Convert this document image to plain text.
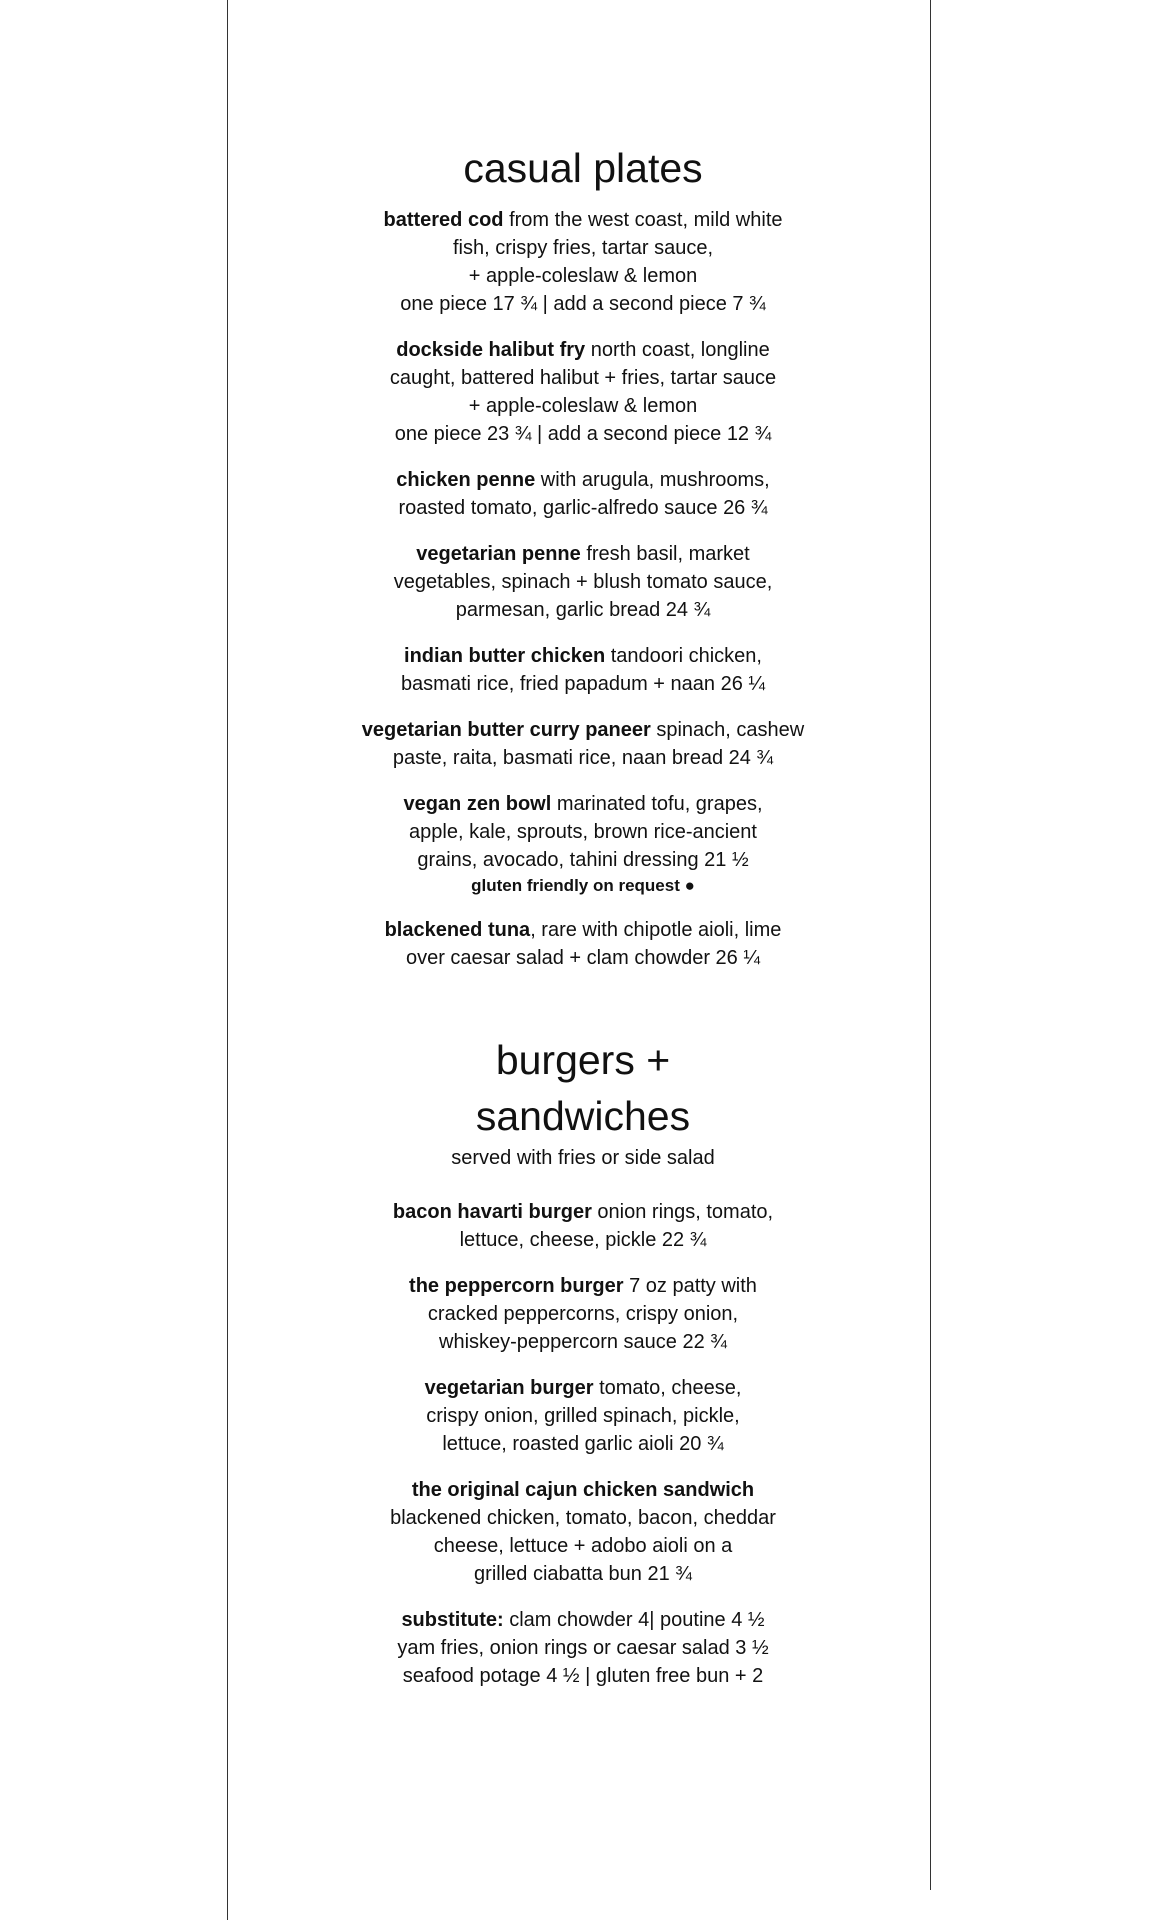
casual plates
battered cod from the west coast, mild white
fish, crispy fries, tartar sauce,
+ apple-coleslaw & lemon
one piece 17 ¾ | add a second piece 7 ¾
dockside halibut fry north coast, longline
caught, battered halibut + fries, tartar sauce
+ apple-coleslaw & lemon
one piece 23 ¾ | add a second piece 12 ¾
chicken penne with arugula, mushrooms,
roasted tomato, garlic-alfredo sauce 26 ¾
vegetarian penne fresh basil, market
vegetables, spinach + blush tomato sauce,
parmesan, garlic bread 24 ¾
indian butter chicken tandoori chicken,
basmati rice, fried papadum + naan 26 ¼
vegetarian butter curry paneer spinach, cashew
paste, raita, basmati rice, naan bread 24 ¾
vegan zen bowl marinated tofu, grapes,
apple, kale, sprouts, brown rice-ancient
grains, avocado, tahini dressing 21 ½
gluten friendly on request ●
blackened tuna, rare with chipotle aioli, lime
over caesar salad + clam chowder 26 ¼
burgers +
sandwiches
served with fries or side salad
bacon havarti burger onion rings, tomato,
lettuce, cheese, pickle 22 ¾
the peppercorn burger 7 oz patty with
cracked peppercorns, crispy onion,
whiskey-peppercorn sauce 22 ¾
vegetarian burger tomato, cheese,
crispy onion, grilled spinach, pickle,
lettuce, roasted garlic aioli 20 ¾
the original cajun chicken sandwich
blackened chicken, tomato, bacon, cheddar
cheese, lettuce + adobo aioli on a
grilled ciabatta bun 21 ¾
substitute: clam chowder 4| poutine 4 ½
yam fries, onion rings or caesar salad 3 ½
seafood potage 4 ½ | gluten free bun + 2
